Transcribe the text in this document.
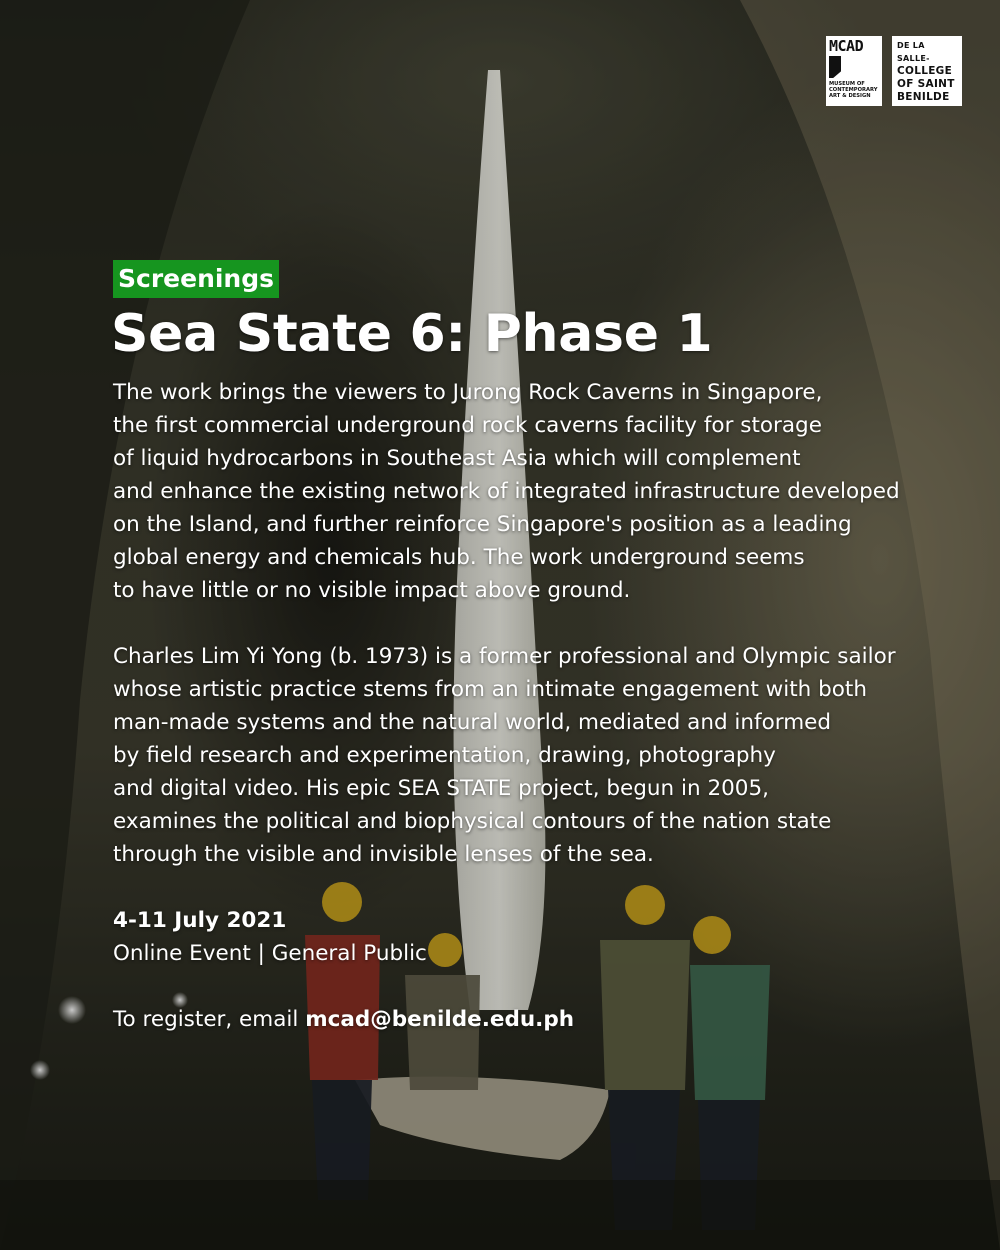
MCAD
MUSEUM OF CONTEMPORARY ART & DESIGN
DE LA SALLE-
COLLEGE
OF SAINT
BENILDE
Screenings
Sea State 6: Phase 1
The work brings the viewers to Jurong Rock Caverns in Singapore,
the first commercial underground rock caverns facility for storage
of liquid hydrocarbons in Southeast Asia which will complement
and enhance the existing network of integrated infrastructure developed
on the Island, and further reinforce Singapore's position as a leading
global energy and chemicals hub. The work underground seems
to have little or no visible impact above ground.
Charles Lim Yi Yong (b. 1973) is a former professional and Olympic sailor
whose artistic practice stems from an intimate engagement with both
man-made systems and the natural world, mediated and informed
by field research and experimentation, drawing, photography
and digital video. His epic SEA STATE project, begun in 2005,
examines the political and biophysical contours of the nation state
through the visible and invisible lenses of the sea.
4-11 July 2021
Online Event | General Public
To register, email mcad@benilde.edu.ph
